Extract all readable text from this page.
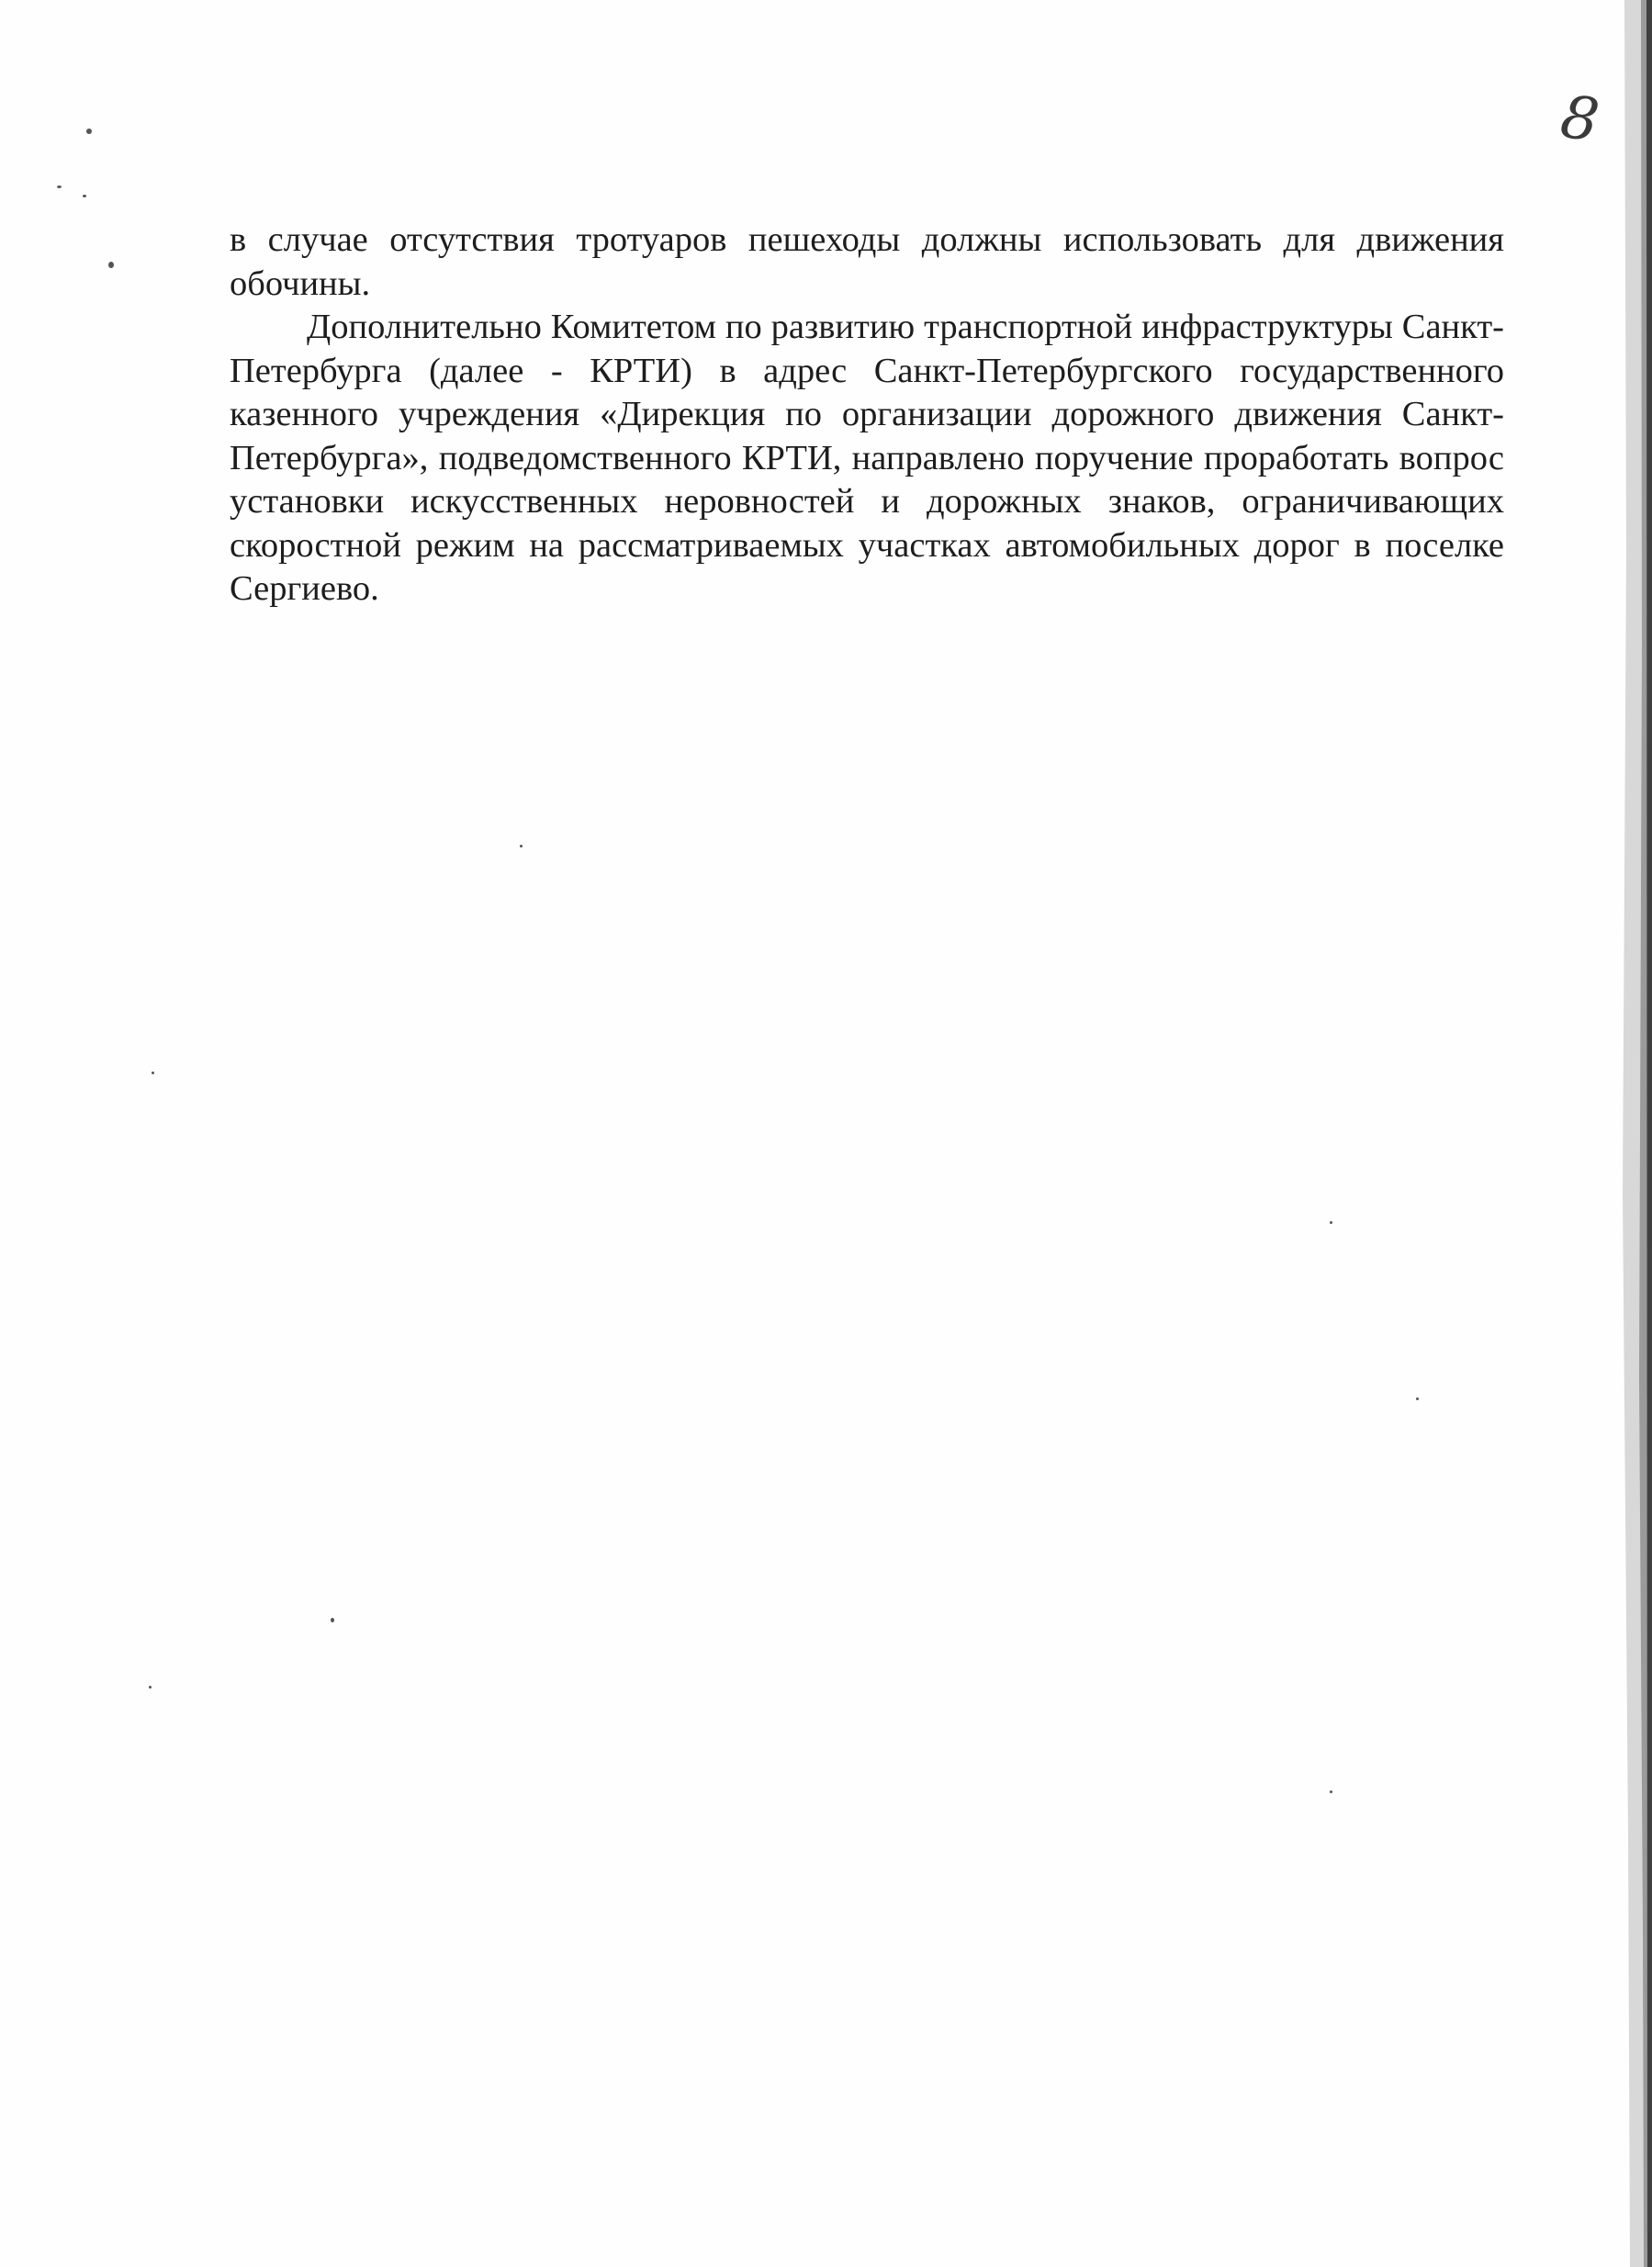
8

в случае отсутствия тротуаров пешеходы должны использовать для движения обочины.

Дополнительно Комитетом по развитию транспортной инфраструктуры Санкт-Петербурга (далее - КРТИ) в адрес Санкт-Петербургского государственного казенного учреждения «Дирекция по организации дорожного движения Санкт-Петербурга», подведомственного КРТИ, направлено поручение проработать вопрос установки искусственных неровностей и дорожных знаков, ограничивающих скоростной режим на рассматриваемых участках автомобильных дорог в поселке Сергиево.
